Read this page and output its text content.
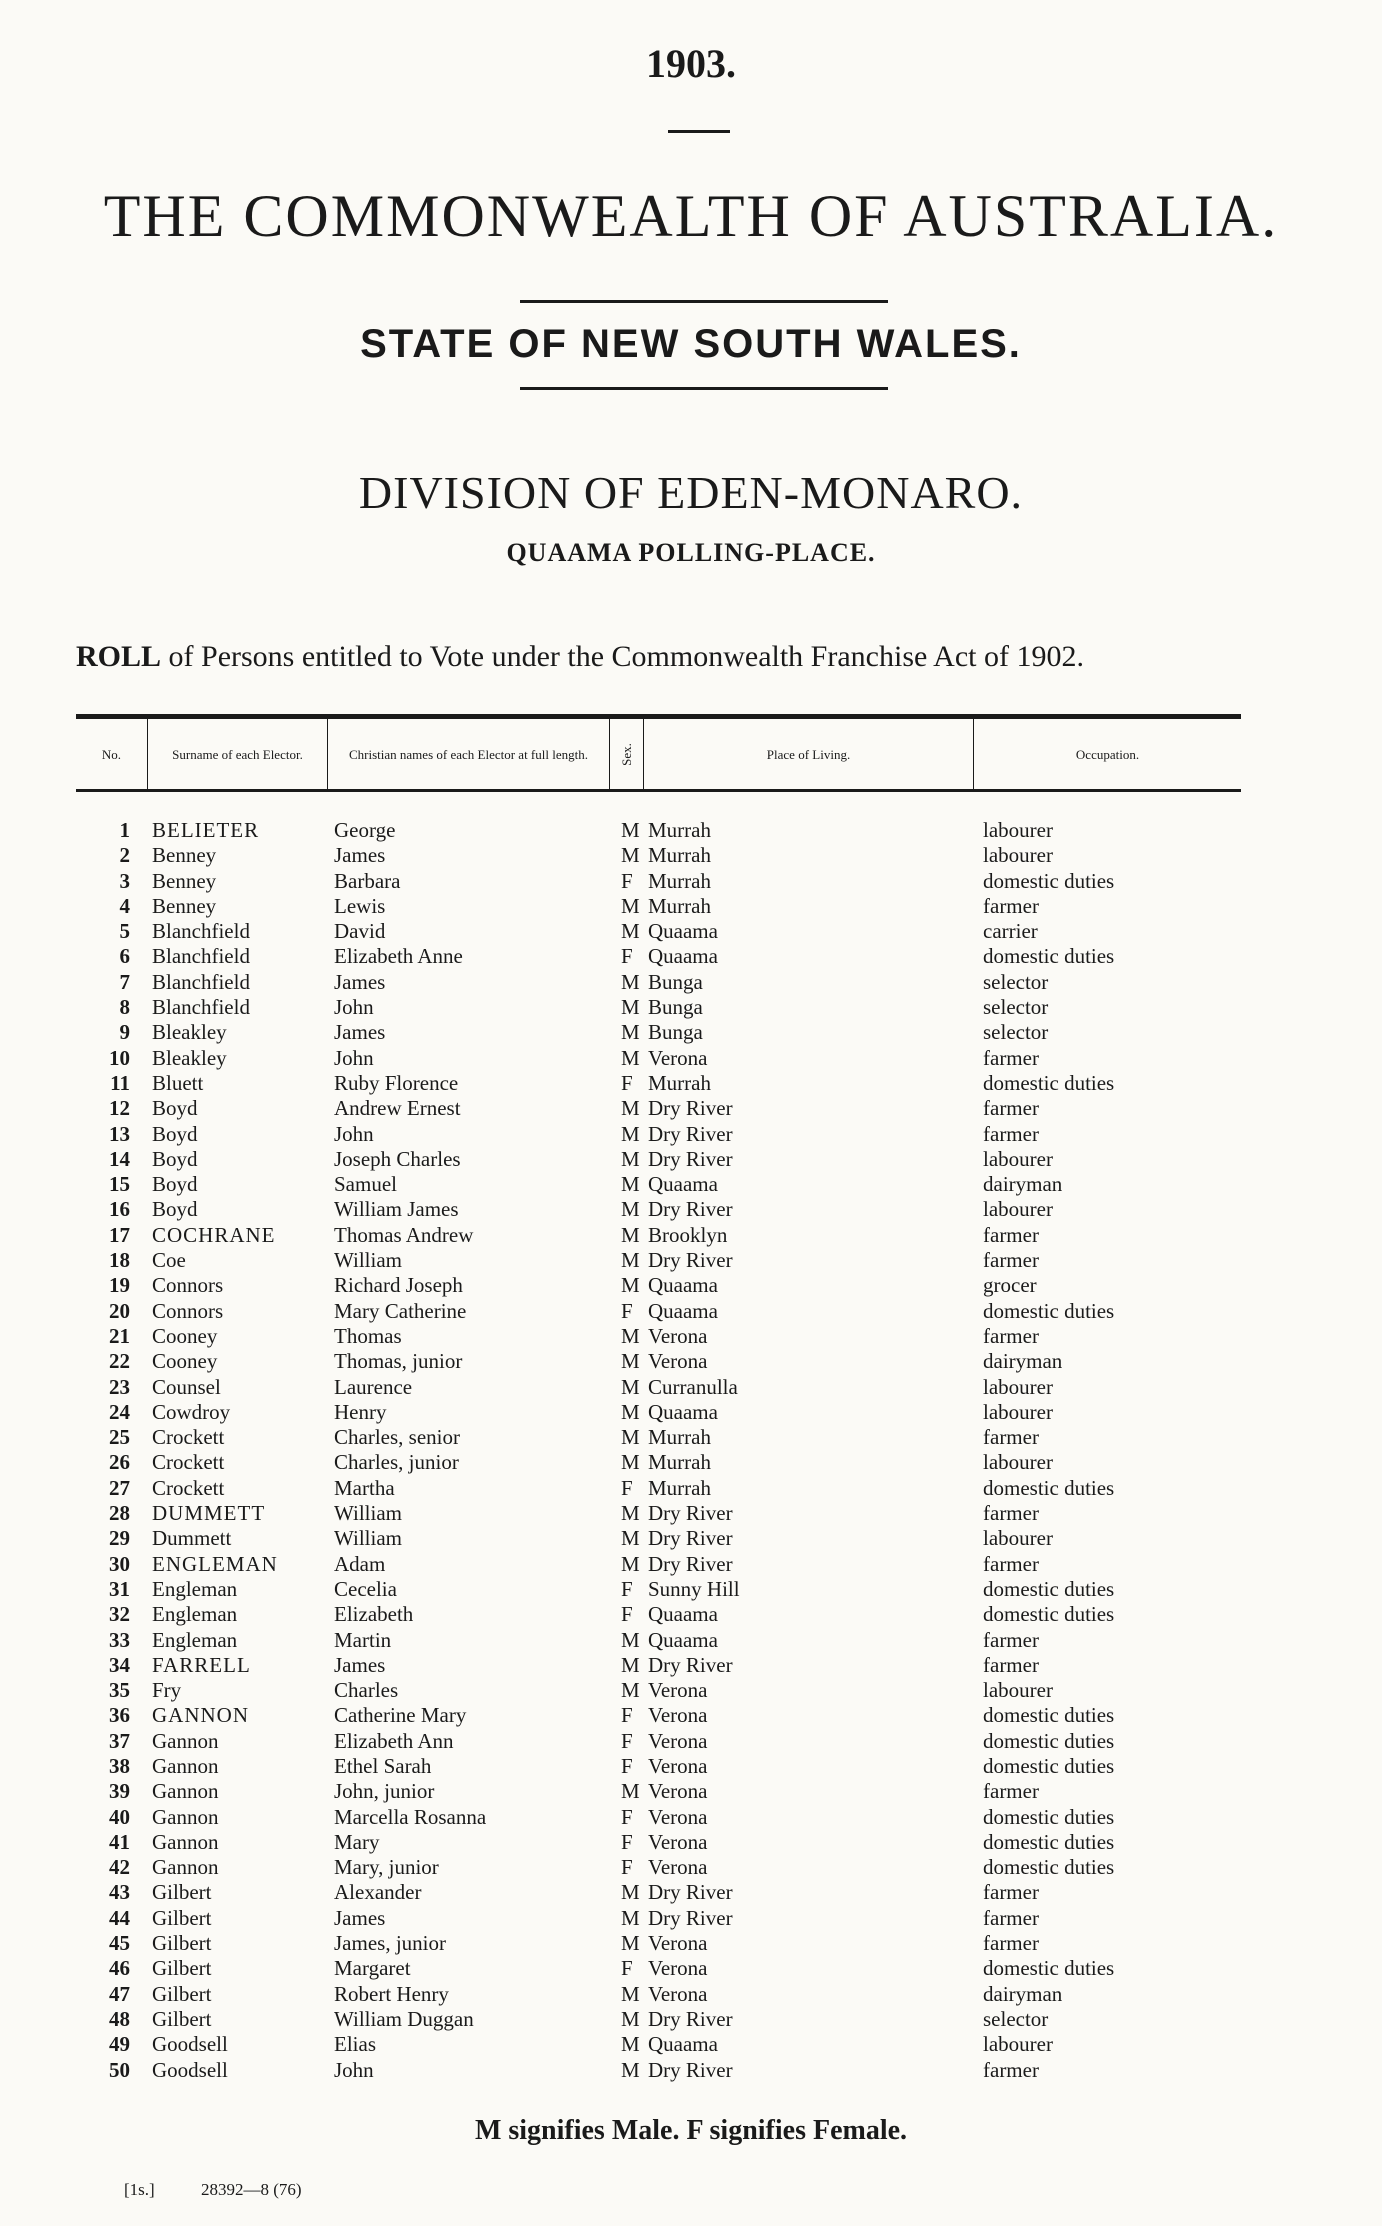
1903.
THE COMMONWEALTH OF AUSTRALIA.
STATE OF NEW SOUTH WALES.
DIVISION OF EDEN-MONARO.
QUAAMA POLLING-PLACE.
ROLL of Persons entitled to Vote under the Commonwealth Franchise Act of 1902.
No.	Surname of each Elector.	Christian names of each Elector at full length.	Sex.	Place of Living.	Occupation.
1 BELIETER	George	M Murrah	labourer
2 Benney	James	M Murrah	labourer
3 Benney	Barbara	F Murrah	domestic duties
4 Benney	Lewis	M Murrah	farmer
5 Blanchfield	David	M Quaama	carrier
6 Blanchfield	Elizabeth Anne	F Quaama	domestic duties
7 Blanchfield	James	M Bunga	selector
8 Blanchfield	John	M Bunga	selector
9 Bleakley	James	M Bunga	selector
10 Bleakley	John	M Verona	farmer
11 Bluett	Ruby Florence	F Murrah	domestic duties
12 Boyd	Andrew Ernest	M Dry River	farmer
13 Boyd	John	M Dry River	farmer
14 Boyd	Joseph Charles	M Dry River	labourer
15 Boyd	Samuel	M Quaama	dairyman
16 Boyd	William James	M Dry River	labourer
17 COCHRANE	Thomas Andrew	M Brooklyn	farmer
18 Coe	William	M Dry River	farmer
19 Connors	Richard Joseph	M Quaama	grocer
20 Connors	Mary Catherine	F Quaama	domestic duties
21 Cooney	Thomas	M Verona	farmer
22 Cooney	Thomas, junior	M Verona	dairyman
23 Counsel	Laurence	M Curranulla	labourer
24 Cowdroy	Henry	M Quaama	labourer
25 Crockett	Charles, senior	M Murrah	farmer
26 Crockett	Charles, junior	M Murrah	labourer
27 Crockett	Martha	F Murrah	domestic duties
28 DUMMETT	William	M Dry River	farmer
29 Dummett	William	M Dry River	labourer
30 ENGLEMAN	Adam	M Dry River	farmer
31 Engleman	Cecelia	F Sunny Hill	domestic duties
32 Engleman	Elizabeth	F Quaama	domestic duties
33 Engleman	Martin	M Quaama	farmer
34 FARRELL	James	M Dry River	farmer
35 Fry	Charles	M Verona	labourer
36 GANNON	Catherine Mary	F Verona	domestic duties
37 Gannon	Elizabeth Ann	F Verona	domestic duties
38 Gannon	Ethel Sarah	F Verona	domestic duties
39 Gannon	John, junior	M Verona	farmer
40 Gannon	Marcella Rosanna	F Verona	domestic duties
41 Gannon	Mary	F Verona	domestic duties
42 Gannon	Mary, junior	F Verona	domestic duties
43 Gilbert	Alexander	M Dry River	farmer
44 Gilbert	James	M Dry River	farmer
45 Gilbert	James, junior	M Verona	farmer
46 Gilbert	Margaret	F Verona	domestic duties
47 Gilbert	Robert Henry	M Verona	dairyman
48 Gilbert	William Duggan	M Dry River	selector
49 Goodsell	Elias	M Quaama	labourer
50 Goodsell	John	M Dry River	farmer
M signifies Male. F signifies Female.
[1s.]	28392—8 (76)
